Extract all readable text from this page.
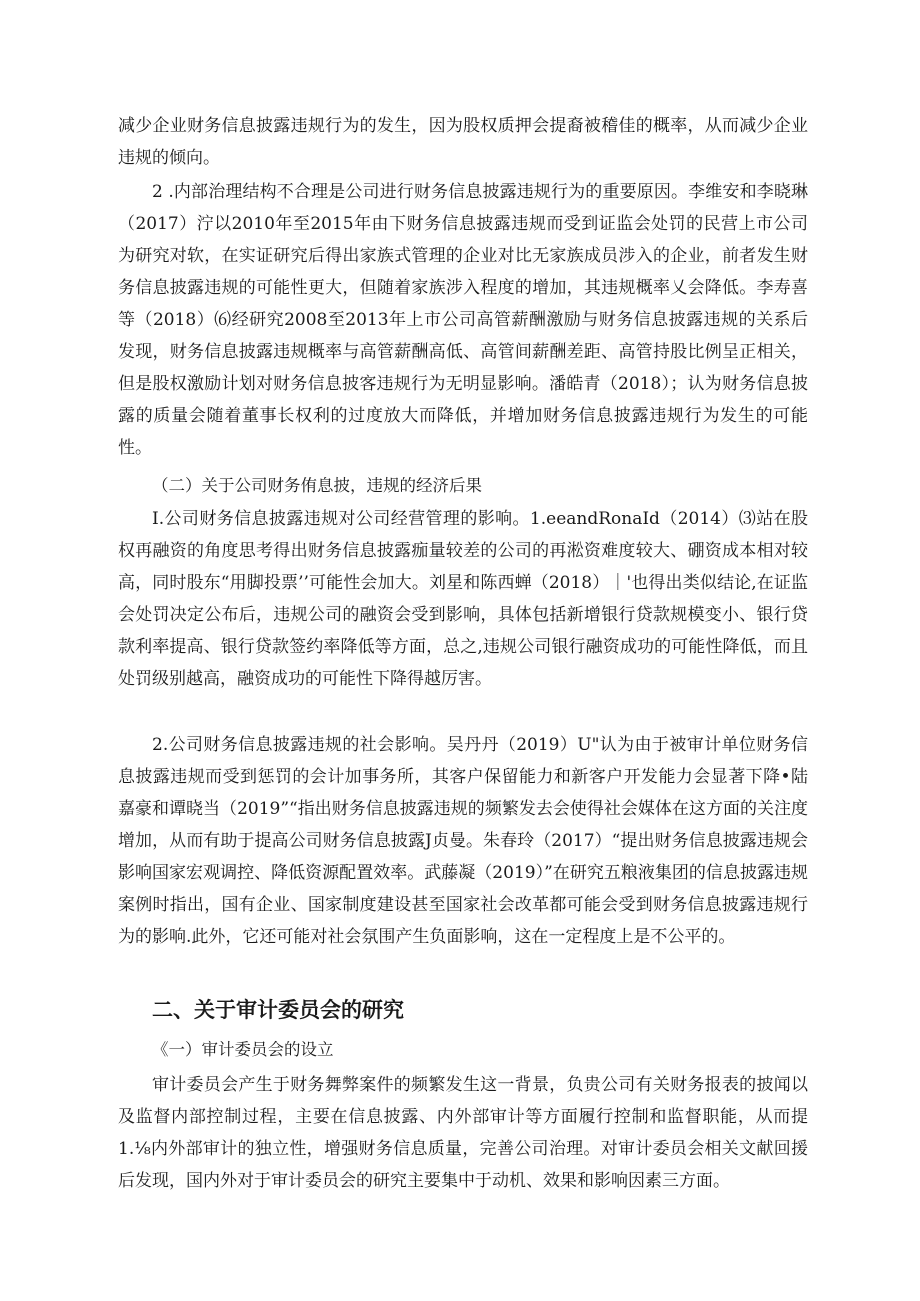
减少企业财务信息披露违规行为的发生，因为股权质押会提裔被稽佳的概率，从而减少企业违规的倾向。

2 .内部治理结构不合理是公司进行财务信息披露违规行为的重要原因。李维安和李晓琳（2017）泞以2010年至2015年由下财务信息披露违规而受到证监会处罚的民营上市公司为研究对软，在实证研究后得出家族式管理的企业对比无家族成员涉入的企业，前者发生财务信息披露违规的可能性更大，但随着家族涉入程度的增加，其违规概率乂会降低。李寿喜等（2018）⑹经研究2008至2013年上市公司高管薪酬激励与财务信息披露违规的关系后发现，财务信息披露违规概率与高管薪酬高低、高管间薪酬差距、高管持股比例呈正相关，但是股权激励计划对财务信息披客违规行为无明显影响。潘皓青（2018）；认为财务信息披露的质量会随着董事长权利的过度放大而降低，并增加财务信息披露违规行为发生的可能性。

（二）关于公司财务侑息披，违规的经济后果

I.公司财务信息披露违规对公司经营管理的影响。1.eeandRonaId（2014）⑶站在股权再融资的角度思考得出财务信息披露痂量较差的公司的再淞资难度较大、硼资成本相对较高，同时股东“用脚投票’’可能性会加大。刘星和陈西蝉（2018）｜'也得出类似结论,在证监会处罚决定公布后，违规公司的融资会受到影响，具体包括新增银行贷款规模变小、银行贷款利率提高、银行贷款签约率降低等方面，总之,违规公司银行融资成功的可能性降低，而且处罚级别越高，融资成功的可能性下降得越厉害。

2.公司财务信息披露违规的社会影响。吴丹丹（2019）U"认为由于被审计单位财务信息披露违规而受到惩罚的会计加事务所，其客户保留能力和新客户开发能力会显著下降•陆嘉豪和谭晓当（2019”“指出财务信息披露违规的频繁发去会使得社会媒体在这方面的关注度增加，从而有助于提高公司财务信息披露J贞曼。朱春玲（2017）“提出财务信息披露违规会影响国家宏观调控、降低资源配置效率。武藤凝（2019）”在研究五粮液集团的信息披露违规案例时指出，国有企业、国家制度建设甚至国家社会改革都可能会受到财务信息披露违规行为的影响.此外，它还可能对社会氛围产生负面影响，这在一定程度上是不公平的。

二、关于审计委员会的研究

《一）审计委员会的设立

审计委员会产生于财务舞弊案件的频繁发生这一背景，负贵公司有关财务报表的披闻以及监督内部控制过程，主要在信息披露、内外部审计等方面履行控制和监督职能，从而提1.⅛内外部审计的独立性，增强财务信息质量，完善公司治理。对审计委员会相关文献回援后发现，国内外对于审计委员会的研究主要集中于动机、效果和影响因素三方面。
